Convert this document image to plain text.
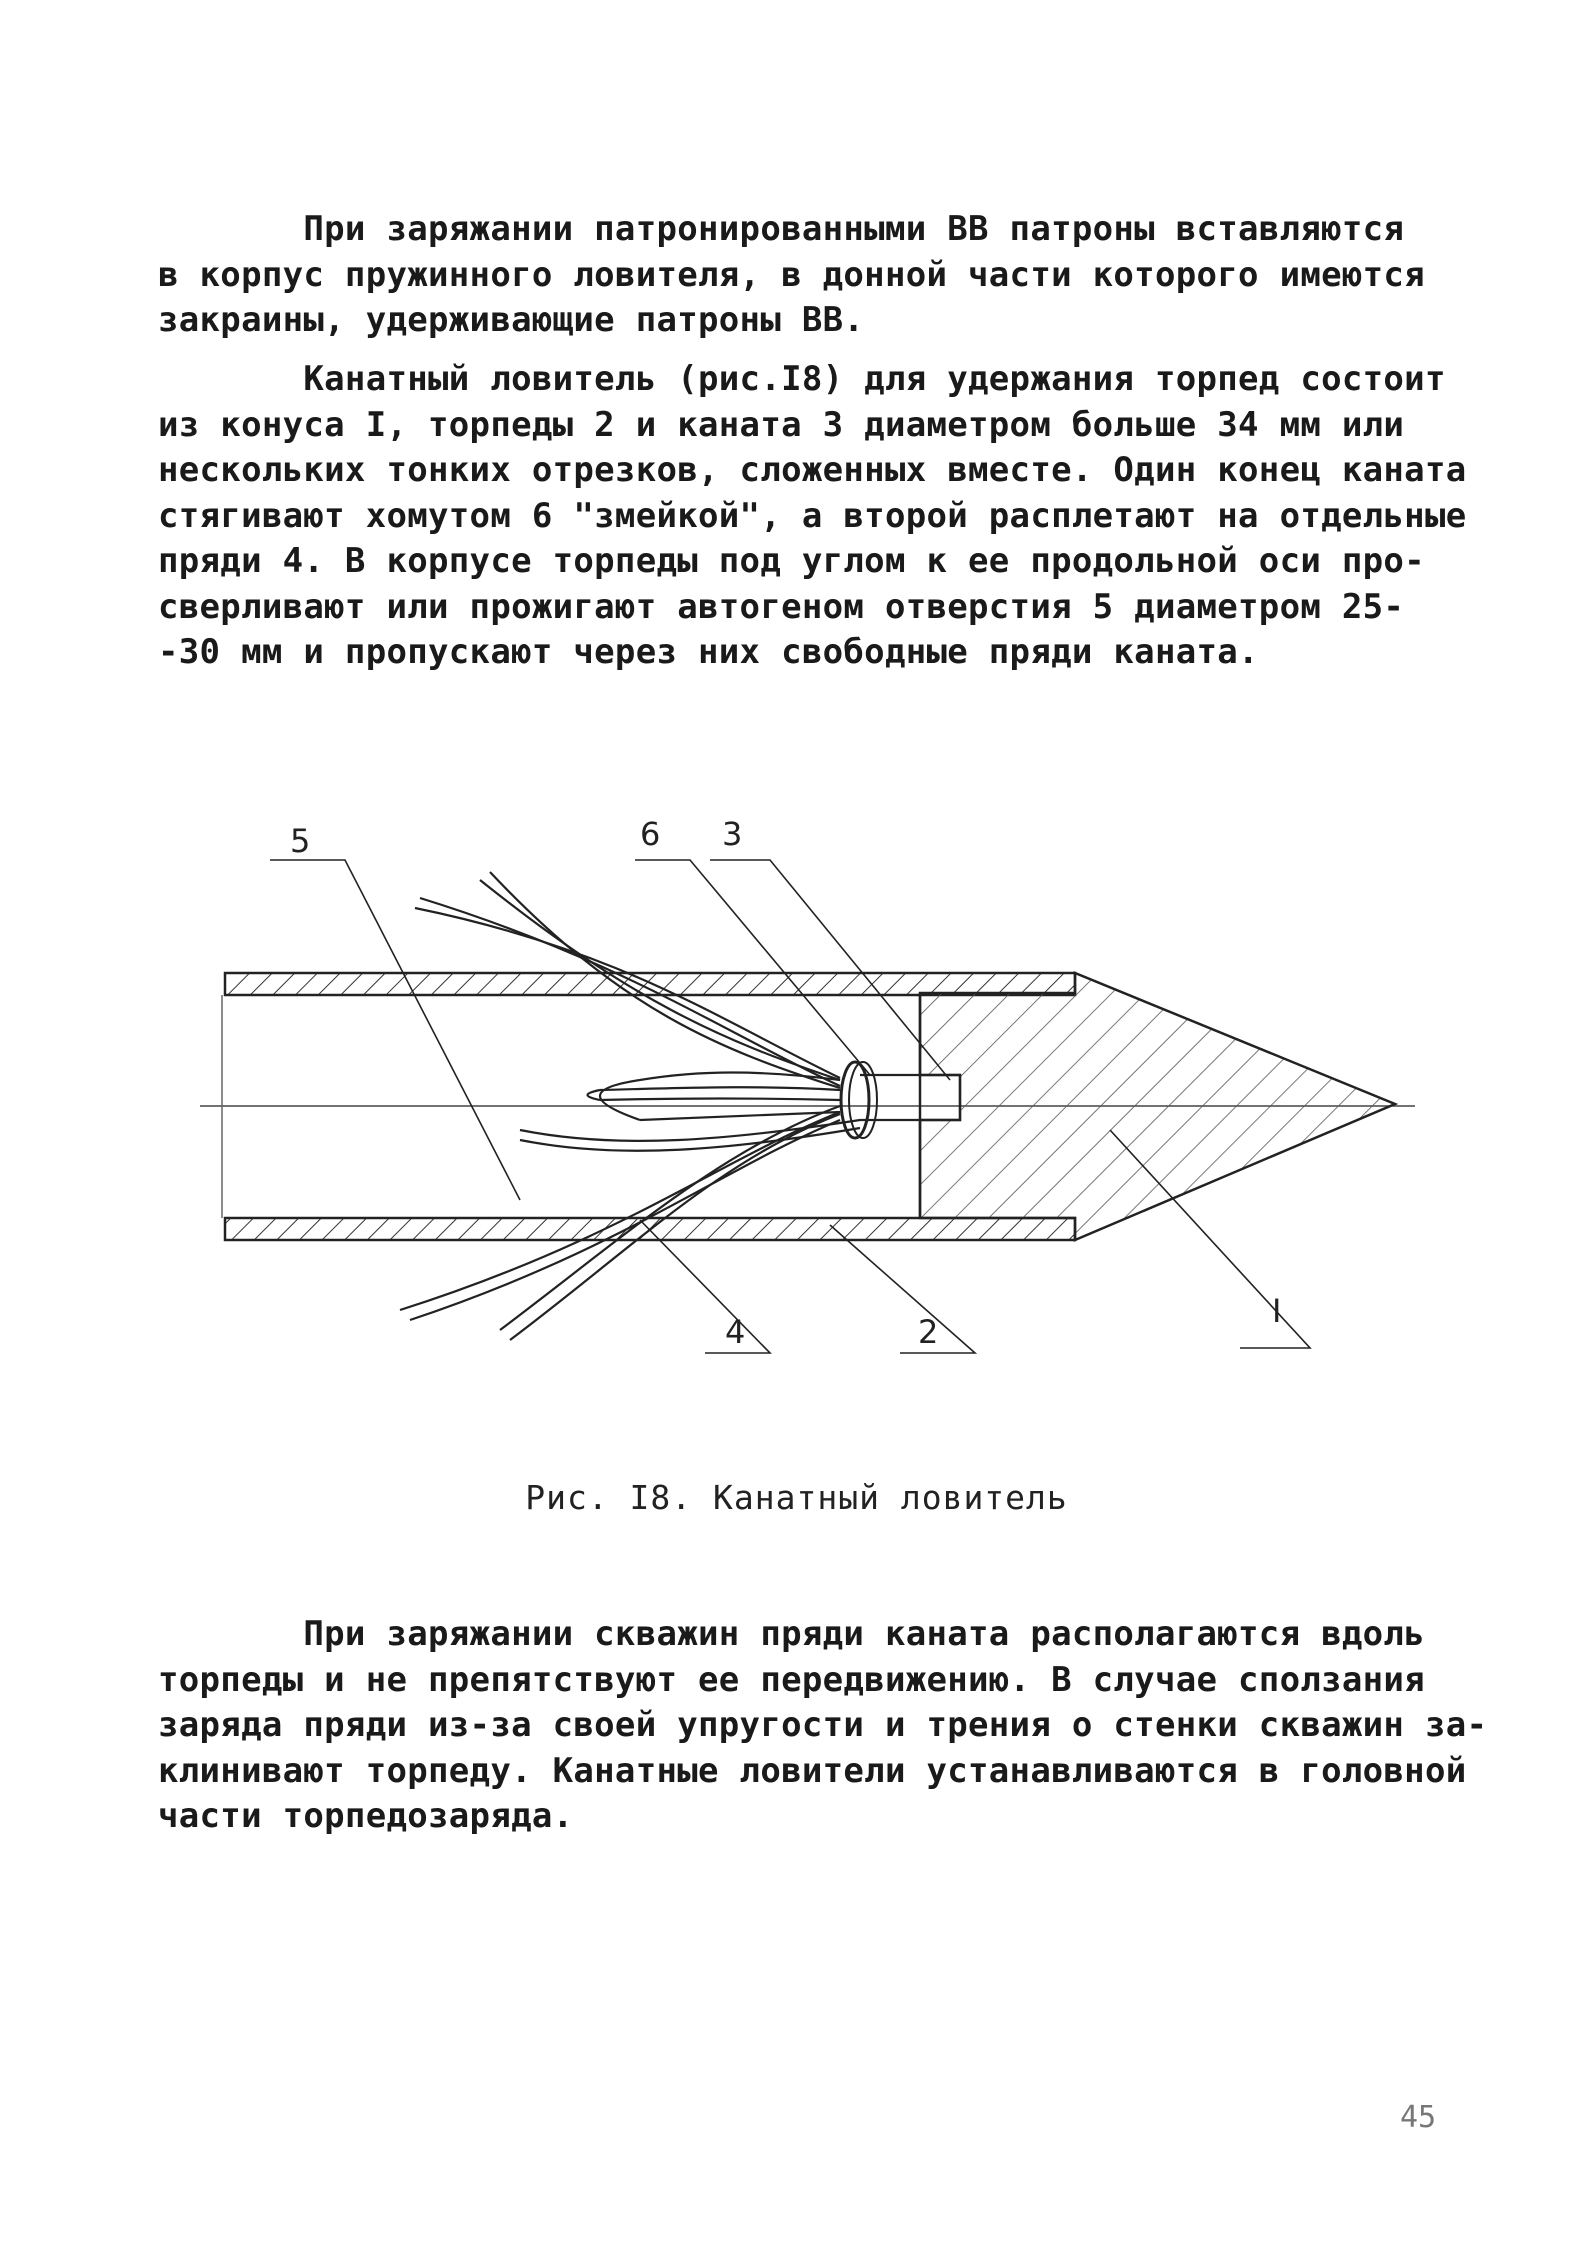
При заряжании патронированными ВВ патроны вставляются
в корпус пружинного ловителя, в донной части которого имеются
закраины, удерживающие патроны ВВ.
Канатный ловитель (рис.I8) для удержания торпед состоит
из конуса I, торпеды 2 и каната 3 диаметром больше 34 мм или
нескольких тонких отрезков, сложенных вместе. Один конец каната
стягивают хомутом 6 "змейкой", а второй расплетают на отдельные
пряди 4. В корпусе торпеды под углом к ее продольной оси про-
сверливают или прожигают автогеном отверстия 5 диаметром 25-
-30 мм и пропускают через них свободные пряди каната.
5	6 3
4	2
I
Рис. I8. Канатный ловитель
При заряжании скважин пряди каната располагаются вдоль
торпеды и не препятствуют ее передвижению. В случае сползания
заряда пряди из-за своей упругости и трения о стенки скважин за-
клинивают торпеду. Канатные ловители устанавливаются в головной
части торпедозаряда.
45
